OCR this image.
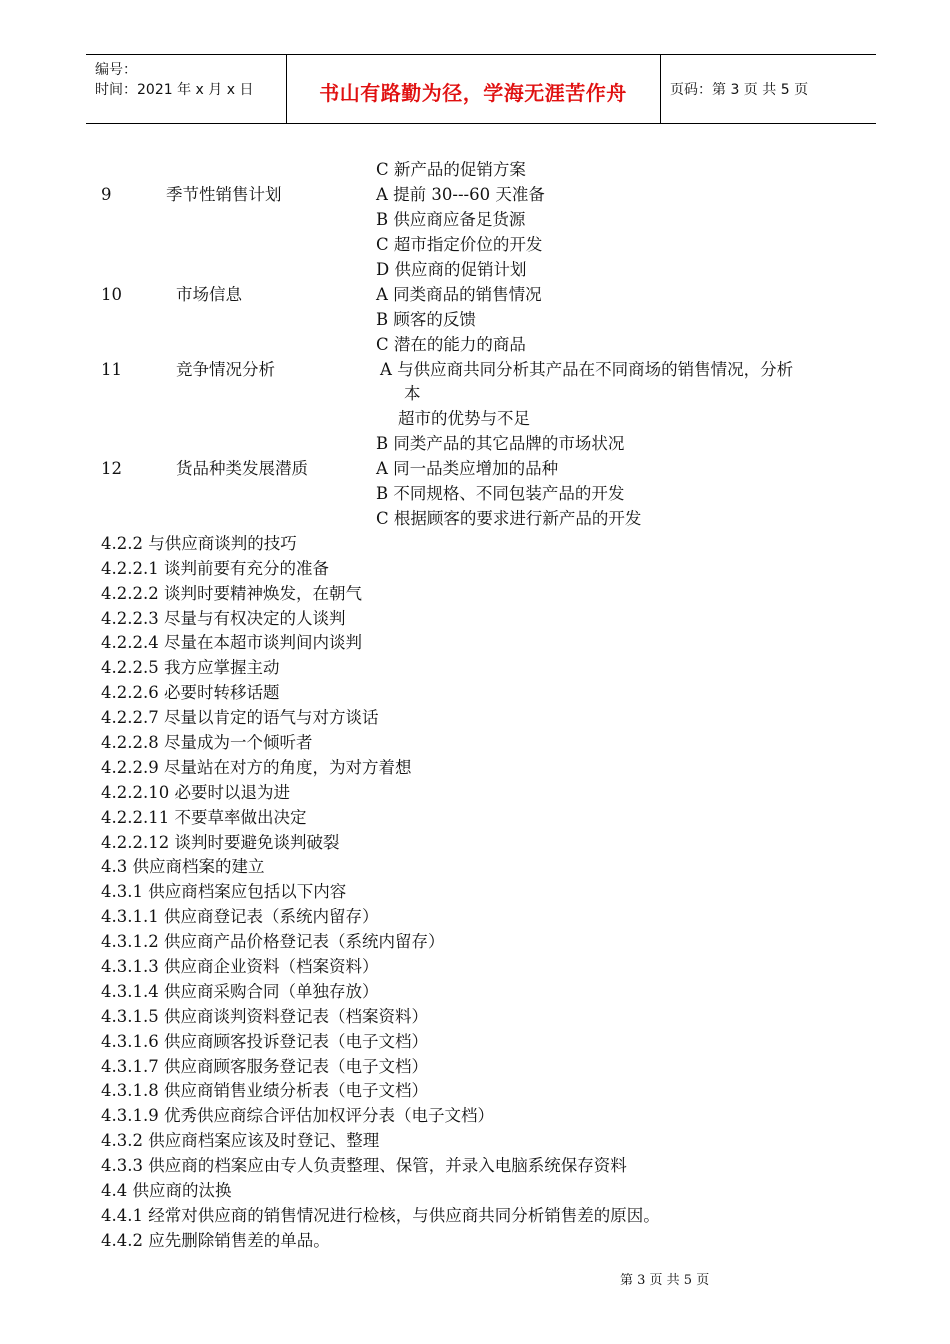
编号：
时间：2021 年 x 月 x 日	书山有路勤为径，学海无涯苦作舟	页码：第 3 页 共 5 页
C 新产品的促销方案
9	季节性销售计划	A 提前 30---60 天准备
B 供应商应备足货源
C 超市指定价位的开发
D 供应商的促销计划
10	市场信息	A 同类商品的销售情况
B 顾客的反馈
C 潜在的能力的商品
11	竞争情况分析	A 与供应商共同分析其产品在不同商场的销售情况，分析
本
超市的优势与不足
B 同类产品的其它品牌的市场状况
12	货品种类发展潜质	A 同一品类应增加的品种
B 不同规格、不同包装产品的开发
C 根据顾客的要求进行新产品的开发
4.2.2 与供应商谈判的技巧
4.2.2.1 谈判前要有充分的准备
4.2.2.2 谈判时要精神焕发，在朝气
4.2.2.3 尽量与有权决定的人谈判
4.2.2.4 尽量在本超市谈判间内谈判
4.2.2.5 我方应掌握主动
4.2.2.6 必要时转移话题
4.2.2.7 尽量以肯定的语气与对方谈话
4.2.2.8 尽量成为一个倾听者
4.2.2.9 尽量站在对方的角度，为对方着想
4.2.2.10 必要时以退为进
4.2.2.11 不要草率做出决定
4.2.2.12 谈判时要避免谈判破裂
4.3 供应商档案的建立
4.3.1 供应商档案应包括以下内容
4.3.1.1 供应商登记表（系统内留存）
4.3.1.2 供应商产品价格登记表（系统内留存）
4.3.1.3 供应商企业资料（档案资料）
4.3.1.4 供应商采购合同（单独存放）
4.3.1.5 供应商谈判资料登记表（档案资料）
4.3.1.6 供应商顾客投诉登记表（电子文档）
4.3.1.7 供应商顾客服务登记表（电子文档）
4.3.1.8 供应商销售业绩分析表（电子文档）
4.3.1.9 优秀供应商综合评估加权评分表（电子文档）
4.3.2 供应商档案应该及时登记、整理
4.3.3 供应商的档案应由专人负责整理、保管，并录入电脑系统保存资料
4.4 供应商的汰换
4.4.1 经常对供应商的销售情况进行检核，与供应商共同分析销售差的原因。
4.4.2 应先删除销售差的单品。
第 3 页 共 5 页
